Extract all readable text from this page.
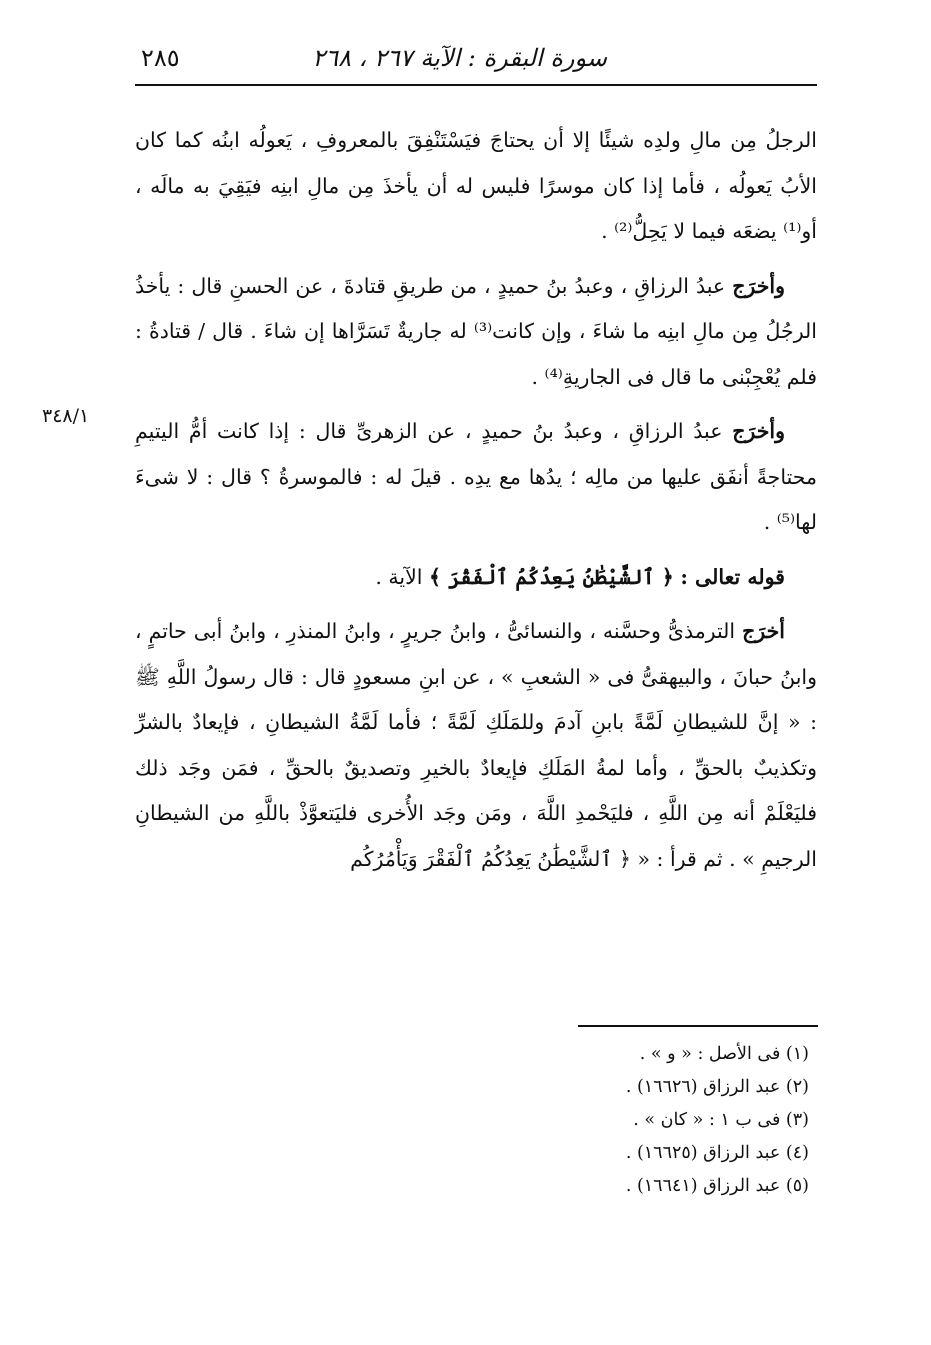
٢٨٥	سورة البقرة : الآية ٢٦٧ ، ٢٦٨
٣٤٨/١

الرجلُ مِن مالِ ولدِه شيئًا إلا أن يحتاجَ فيَسْتَنْفِقَ بالمعروفِ ، يَعولُه ابنُه كما كان الأبُ يَعولُه ، فأما إذا كان موسرًا فليس له أن يأخذَ مِن مالِ ابنِه فيَقِيَ به مالَه ، أو⁽¹⁾ يضعَه فيما لا يَحِلُّ⁽²⁾ .

وأخرَج عبدُ الرزاقِ ، وعبدُ بنُ حميدٍ ، من طريقِ قتادةَ ، عن الحسنِ قال : يأخذُ الرجُلُ مِن مالِ ابنِه ما شاءَ ، وإن كانت⁽³⁾ له جاريةٌ تَسَرَّاها إن شاءَ . قال / قتادةُ : فلم يُعْجِبْنى ما قال فى الجاريةِ⁽⁴⁾ .

وأخرَج عبدُ الرزاقِ ، وعبدُ بنُ حميدٍ ، عن الزهرىِّ قال : إذا كانت أمُّ اليتيمِ محتاجةً أنفَق عليها من مالِه ؛ يدُها مع يدِه . قيلَ له : فالموسرةُ ؟ قال : لا شىءَ لها⁽⁵⁾ .

قوله تعالى : ﴿ ٱلشَّيْطَٰنُ يَعِدُكُمُ ٱلْفَقْرَ ﴾ الآية .

أخرَج الترمذىُّ وحسَّنه ، والنسائىُّ ، وابنُ جريرٍ ، وابنُ المنذرِ ، وابنُ أبى حاتمٍ ، وابنُ حبانَ ، والبيهقىُّ فى « الشعبِ » ، عن ابنِ مسعودٍ قال : قال رسولُ اللَّهِ ﷺ : « إنَّ للشيطانِ لَمَّةً بابنِ آدمَ وللمَلَكِ لَمَّةً ؛ فأما لَمَّةُ الشيطانِ ، فإيعادٌ بالشرِّ وتكذيبٌ بالحقِّ ، وأما لمةُ المَلَكِ فإيعادٌ بالخيرِ وتصديقٌ بالحقِّ ، فمَن وجَد ذلك فليَعْلَمْ أنه مِن اللَّهِ ، فليَحْمدِ اللَّهَ ، ومَن وجَد الأُخرى فليَتعوَّذْ باللَّهِ من الشيطانِ الرجيمِ » . ثم قرأ : « ﴿ ٱلشَّيْطَٰنُ يَعِدُكُمُ ٱلْفَقْرَ وَيَأْمُرُكُم

(١) فى الأصل : « و » .
(٢) عبد الرزاق (١٦٦٢٦) .
(٣) فى ب ١ : « كان » .
(٤) عبد الرزاق (١٦٦٢٥) .
(٥) عبد الرزاق (١٦٦٤١) .
